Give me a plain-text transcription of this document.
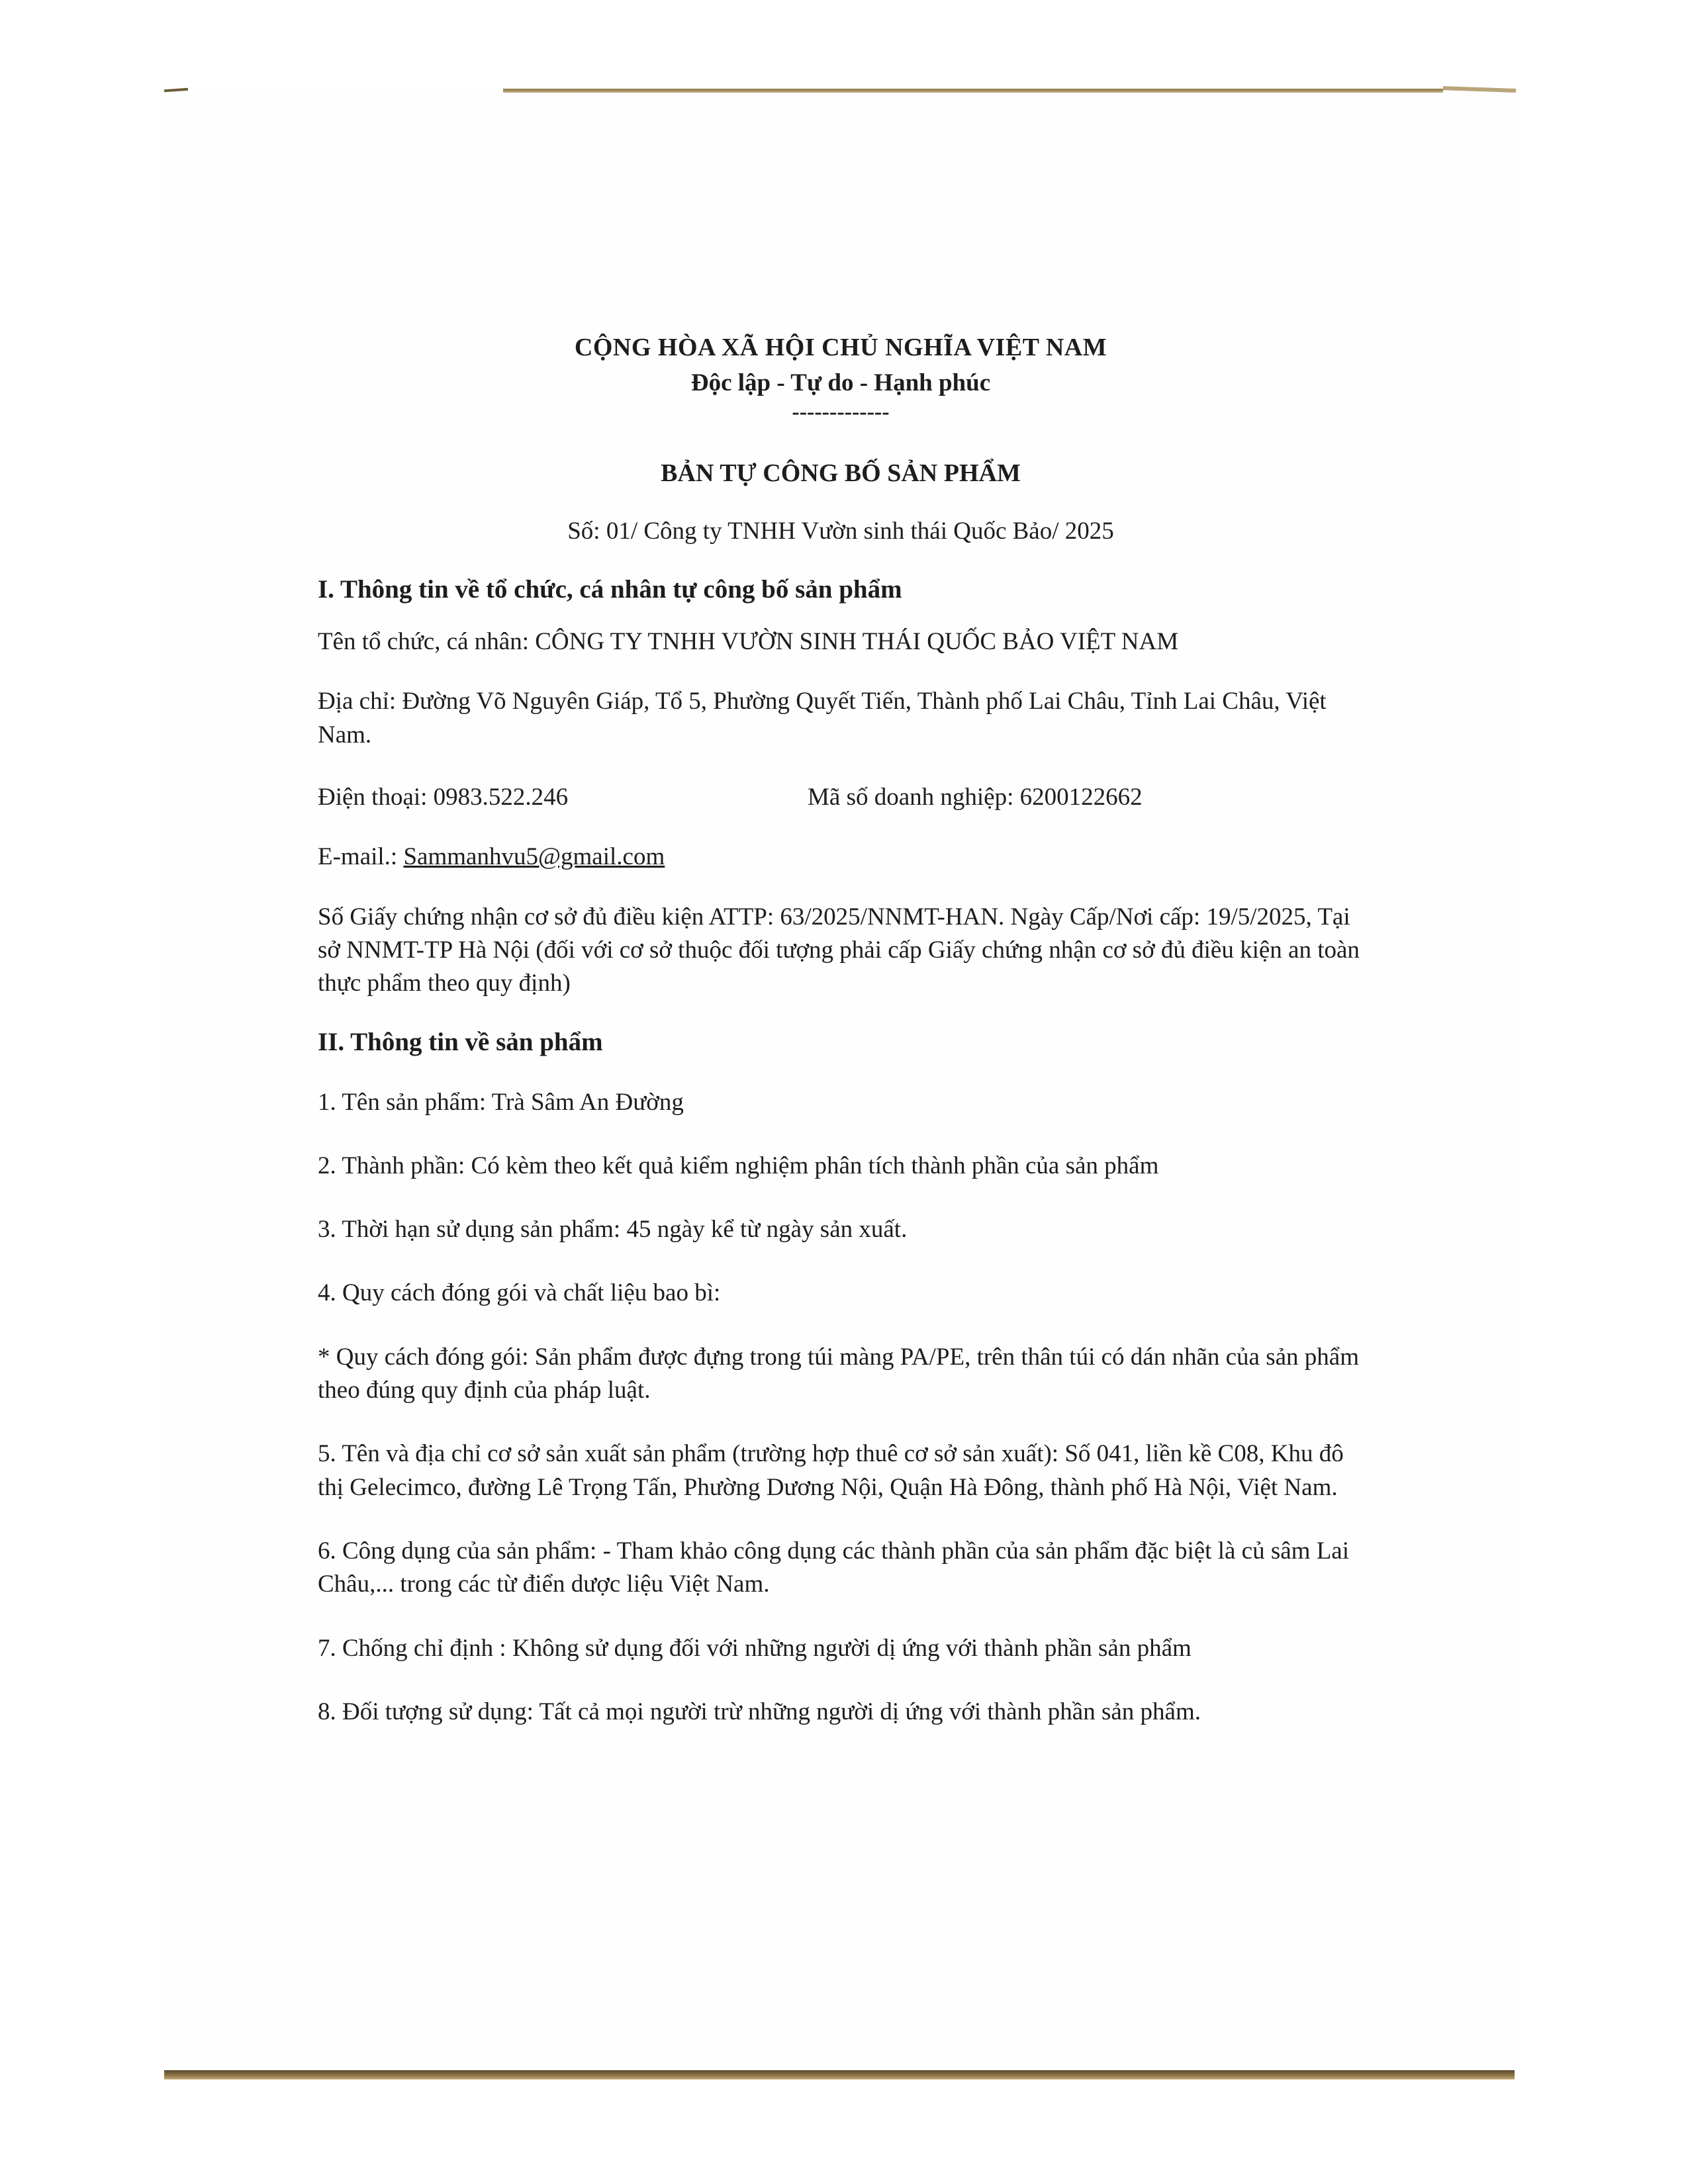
CỘNG HÒA XÃ HỘI CHỦ NGHĨA VIỆT NAM
Độc lập - Tự do - Hạnh phúc
-------------
BẢN TỰ CÔNG BỐ SẢN PHẨM
Số: 01/ Công ty TNHH Vườn sinh thái Quốc Bảo/ 2025
I. Thông tin về tổ chức, cá nhân tự công bố sản phẩm

Tên tổ chức, cá nhân: CÔNG TY TNHH VƯỜN SINH THÁI QUỐC BẢO VIỆT NAM

Địa chỉ: Đường Võ Nguyên Giáp, Tổ 5, Phường Quyết Tiến, Thành phố Lai Châu, Tỉnh Lai Châu, Việt Nam.

Điện thoại: 0983.522.246	Mã số doanh nghiệp: 6200122662

E-mail.: Sammanhvu5@gmail.com

Số Giấy chứng nhận cơ sở đủ điều kiện ATTP: 63/2025/NNMT-HAN. Ngày Cấp/Nơi cấp: 19/5/2025, Tại sở NNMT-TP Hà Nội (đối với cơ sở thuộc đối tượng phải cấp Giấy chứng nhận cơ sở đủ điều kiện an toàn thực phẩm theo quy định)

II. Thông tin về sản phẩm

1. Tên sản phẩm: Trà Sâm An Đường

2. Thành phần: Có kèm theo kết quả kiểm nghiệm phân tích thành phần của sản phẩm

3. Thời hạn sử dụng sản phẩm: 45 ngày kể từ ngày sản xuất.

4. Quy cách đóng gói và chất liệu bao bì:

* Quy cách đóng gói: Sản phẩm được đựng trong túi màng PA/PE, trên thân túi có dán nhãn của sản phẩm theo đúng quy định của pháp luật.

5. Tên và địa chỉ cơ sở sản xuất sản phẩm (trường hợp thuê cơ sở sản xuất): Số 041, liền kề C08, Khu đô thị Gelecimco, đường Lê Trọng Tấn, Phường Dương Nội, Quận Hà Đông, thành phố Hà Nội, Việt Nam.

6. Công dụng của sản phẩm: - Tham khảo công dụng các thành phần của sản phẩm đặc biệt là củ sâm Lai Châu,... trong các từ điển dược liệu Việt Nam.

7. Chống chỉ định : Không sử dụng đối với những người dị ứng với thành phần sản phẩm

8. Đối tượng sử dụng: Tất cả mọi người trừ những người dị ứng với thành phần sản phẩm.
